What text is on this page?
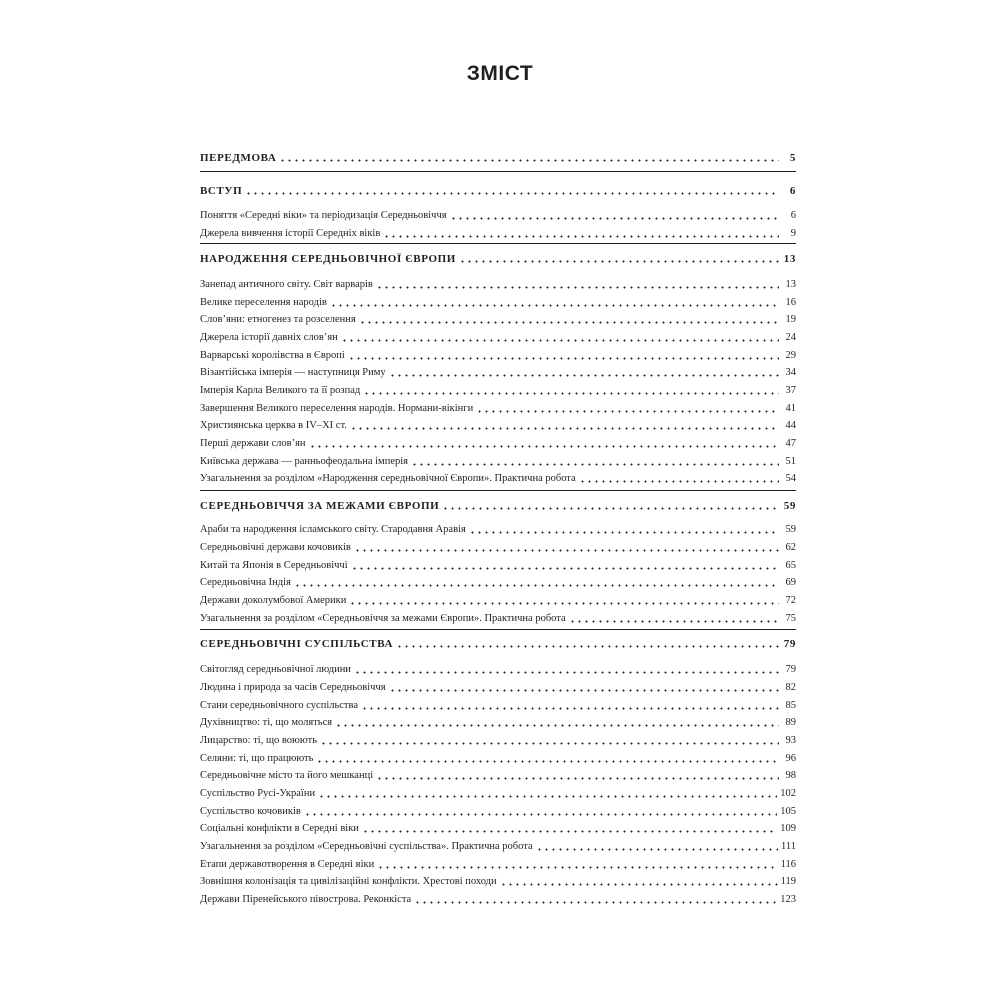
ЗМІСТ
ПЕРЕДМОВА	5
ВСТУП	6
Поняття «Середні віки» та періодизація Середньовіччя	6
Джерела вивчення історії Середніх віків	9
НАРОДЖЕННЯ СЕРЕДНЬОВІЧНОЇ ЄВРОПИ	13
Занепад античного світу. Світ варварів	13
Велике переселення народів	16
Слов’яни: етногенез та розселення	19
Джерела історії давніх слов’ян	24
Варварські королівства в Європі	29
Візантійська імперія — наступниця Риму	34
Імперія Карла Великого та її розпад	37
Завершення Великого переселення народів. Нормани-вікінги	41
Християнська церква в IV–XI ст.	44
Перші держави слов’ян	47
Київська держава — ранньофеодальна імперія	51
Узагальнення за розділом «Народження середньовічної Європи». Практична робота	54
СЕРЕДНЬОВІЧЧЯ ЗА МЕЖАМИ ЄВРОПИ	59
Араби та народження ісламського світу. Стародавня Аравія	59
Середньовічні держави кочовиків	62
Китай та Японія в Середньовіччі	65
Середньовічна Індія	69
Держави доколумбової Америки	72
Узагальнення за розділом «Середньовіччя за межами Європи». Практична робота	75
СЕРЕДНЬОВІЧНІ СУСПІЛЬСТВА	79
Світогляд середньовічної людини	79
Людина і природа за часів Середньовіччя	82
Стани середньовічного суспільства	85
Духівництво: ті, що моляться	89
Лицарство: ті, що воюють	93
Селяни: ті, що працюють	96
Середньовічне місто та його мешканці	98
Суспільство Русі-України	102
Суспільство кочовиків	105
Соціальні конфлікти в Середні віки	109
Узагальнення за розділом «Середньовічні суспільства». Практична робота	111
Етапи державотворення в Середні віки	116
Зовнішня колонізація та цивілізаційні конфлікти. Хрестові походи	119
Держави Піренейського півострова. Реконкіста	123
